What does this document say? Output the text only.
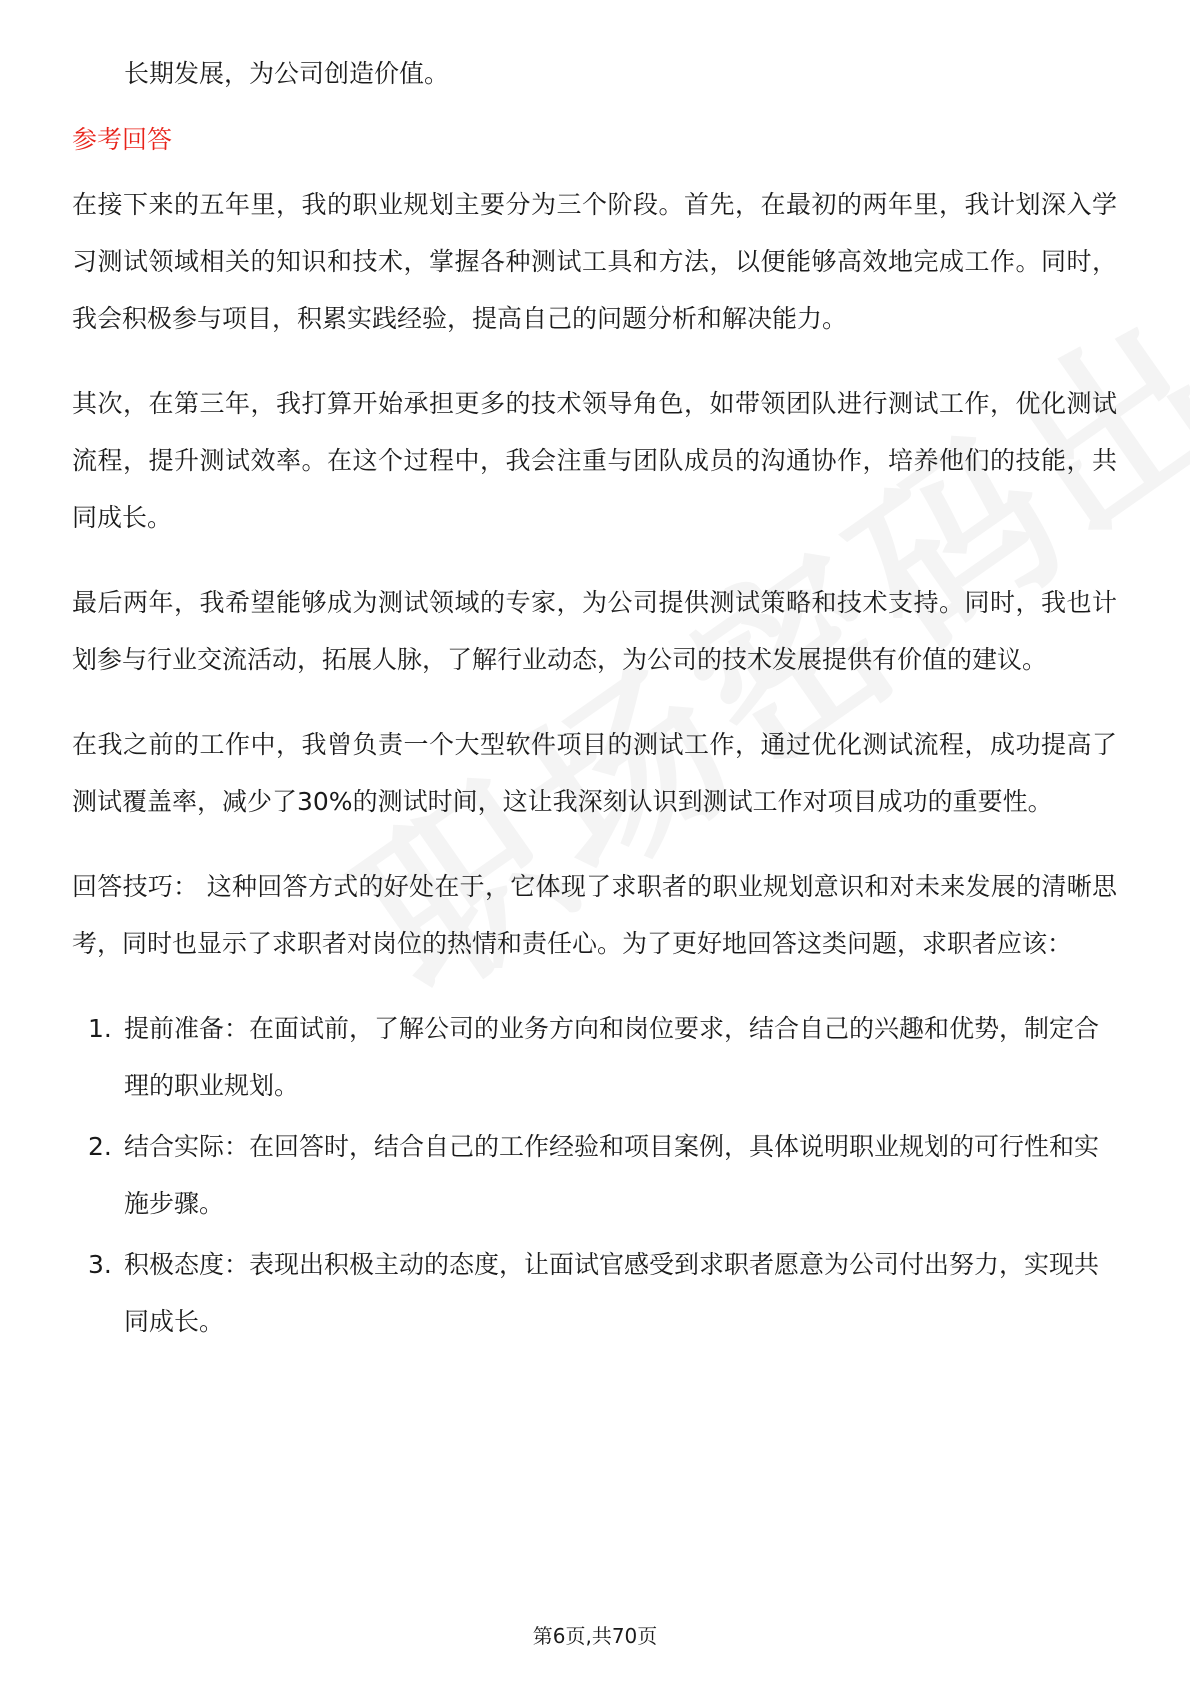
长期发展，为公司创造价值。

参考回答

在接下来的五年里，我的职业规划主要分为三个阶段。首先，在最初的两年里，我计划深入学习测试领域相关的知识和技术，掌握各种测试工具和方法，以便能够高效地完成工作。同时，我会积极参与项目，积累实践经验，提高自己的问题分析和解决能力。

其次，在第三年，我打算开始承担更多的技术领导角色，如带领团队进行测试工作，优化测试流程，提升测试效率。在这个过程中，我会注重与团队成员的沟通协作，培养他们的技能，共同成长。

最后两年，我希望能够成为测试领域的专家，为公司提供测试策略和技术支持。同时，我也计划参与行业交流活动，拓展人脉，了解行业动态，为公司的技术发展提供有价值的建议。

在我之前的工作中，我曾负责一个大型软件项目的测试工作，通过优化测试流程，成功提高了测试覆盖率，减少了30%的测试时间，这让我深刻认识到测试工作对项目成功的重要性。

回答技巧： 这种回答方式的好处在于，它体现了求职者的职业规划意识和对未来发展的清晰思考，同时也显示了求职者对岗位的热情和责任心。为了更好地回答这类问题，求职者应该：

1. 提前准备：在面试前，了解公司的业务方向和岗位要求，结合自己的兴趣和优势，制定合理的职业规划。
2. 结合实际：在回答时，结合自己的工作经验和项目案例，具体说明职业规划的可行性和实施步骤。
3. 积极态度：表现出积极主动的态度，让面试官感受到求职者愿意为公司付出努力，实现共同成长。
第6页,共70页
